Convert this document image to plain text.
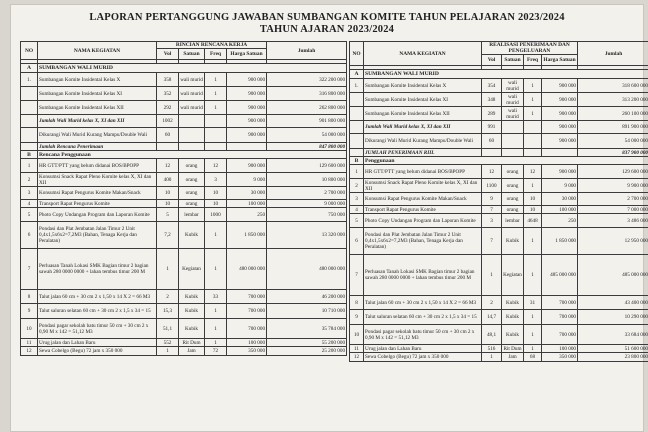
LAPORAN PERTANGGUNG JAWABAN SUMBANGAN KOMITE TAHUN PELAJARAN 2023/2024
TAHUN AJARAN 2023/2024
NO	NAMA KEGIATAN	RINCIAN RENCANA KERJA				Jumlah	
		Vol	Satuan	Freq	Harga Satuan		

A	SUMBANGAN WALI MURID						
1.	Sumbangan Komite Insidental Kelas X	358	wali murid	1	900 000	322 200 000	
	Sumbangan Komite Insidental Kelas XI	352	wali murid	1	900 000	316 800 000	
	Sumbangan Komite Insidental Kelas XII	292	wali murid	1	900 000	262 800 000	
	Jumlah Wali Murid kelas X, XI dan XII	1002			900 000	901 800 000	
	Dikurangi Wali Murid Kurang Mampu/Double Wali	60			900 000	54 000 000	
	Jumlah Rencana Penerimaan					847 800 000	
B	Rencana Penggunaan						
1	HR GTT/PTT yang belum didanai BOS/BPOPP	12	orang	12	900 000	129 600 000	
2	Konsumsi Snack Rapat Pleno Komite kelas X, XI dan XII	400	orang	3	9 000	10 800 000	
3	Konsumsi Rapat Pengurus Komite Makan/Snack	10	orang	10	30 000	2 700 000	
4	Transport Rapat Pengurus Komite	10	orang	10	100 000	9 000 000	
5	Photo Copy Undangan Program dan Laporan Komite	5	lembar	1000	250	750 000	
6	Pondasi dan Plat Jembatan Jalan Timur 2 Unit 0,4x1,5x6x2=7,2M3 (Bahan, Tenaga Kerja dan Peralatan)	7,2	Kubik	1	1 850 000	13 320 000	
7	Perluasan Tanah Lokasi SMK Bagian timur 2 bagian sawah 280 0000 0000 + lahan tembus timur 200 M	1	Kegiatan	1	480 000 000	480 000 000	
8	Talut jalan 60 cm + 30 cm 2 x 1,50 x 14 X 2 = 66 M3	2	Kubik	33	700 000	46 200 000	
9	Talut saluran selatan 60 cm + 30 cm 2 x 1,5 x 34 = 15	15,3	Kubik	1	700 000	10 710 000	
10	Pondasi pagar sekolah batu timur 50 cm + 30 cm 2 x 0,90 M x 142 = 51,12 M3	51,1	Kubik	1	700 000	35 784 000	
11	Urug jalan dan Lahan Baru	552	Rit Dum	1	100 000	55 200 000	
12	Sewa Cobelgo (Begu) 72 jam x 350 000	1	Jam	72	350 000	25 200 000	
NO	NAMA KEGIATAN	REALISASI PENERIMAAN DAN PENGELUARAN				Jumlah	
		Vol	Satuan	Freq	Harga Satuan		

A	SUMBANGAN WALI MURID						
1.	Sumbangan Komite Insidental Kelas X	354	wali murid	1	900 000	318 600 000	
	Sumbangan Komite Insidental Kelas XI	348	wali murid	1	900 000	313 200 000	
	Sumbangan Komite Insidental Kelas XII	289	wali murid	1	900 000	260 100 000	
	Jumlah Wali Murid kelas X, XI dan XII	991			900 000	891 900 000	
	Dikurangi Wali Murid Kurang Mampu/Double Wali	60			900 000	54 000 000	
	JUMLAH PENERIMAAN RIIL					837 900 000	
B	Penggunaan						
1	HR GTT/PTT yang belum didanai BOS/BPOPP	12	orang	12	900 000	129 600 000	
2	Konsumsi Snack Rapat Pleno Komite kelas X, XI dan XII	1100	orang	1	9 000	9 900 000	
3	Konsumsi Rapat Pengurus Komite Makan/Snack	9	orang	10	30 000	2 700 000	
4	Transport Rapat Pengurus Komite	7	orang	10	100 000	7 000 000	
5	Photo Copy Undangan Program dan Laporan Komite	3	lembar	4648	250	3 486 000	
6	Pondasi dan Plat Jembatan Jalan Timur 2 Unit 0,4x1,5x6x2=7,2M3 (Bahan, Tenaga Kerja dan Peralatan)	7	Kubik	1	1 850 000	12 950 000	
7	Perluasan Tanah Lokasi SMK Bagian timur 2 bagian sawah 280 0000 0000 + lahan tembus timur 200 M	1	Kegiatan	1	485 000 000	485 000 000	
8	Talut jalan 60 cm + 30 cm 2 x 1,50 x 14 X 2 = 66 M3	2	Kubik	31	700 000	43 400 000	
9	Talut saluran selatan 60 cm + 30 cm 2 x 1,5 x 34 = 15	14,7	Kubik	1	700 000	10 290 000	
10	Pondasi pagar sekolah batu timur 50 cm + 30 cm 2 x 0,90 M x 142 = 51,12 M3	48,1	Kubik	1	700 000	33 684 000	
11	Urug jalan dan Lahan Baru	516	Rit Dum	1	100 000	51 600 000	
12	Sewa Cobelgo (Begu) 72 jam x 350 000	1	Jam	68	350 000	23 800 000	
